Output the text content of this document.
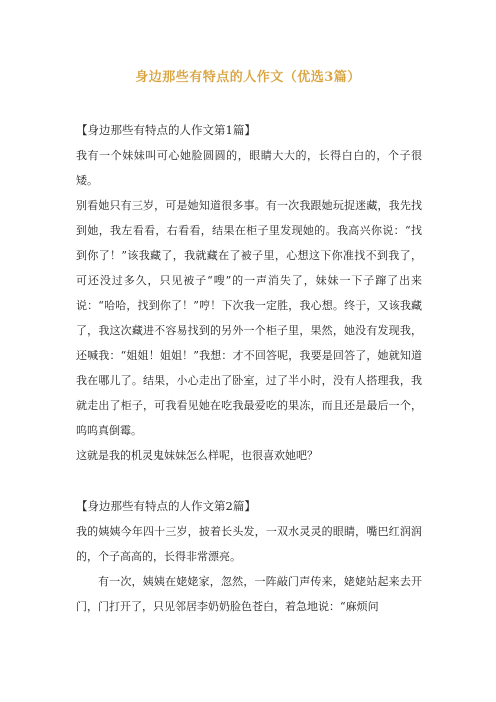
身边那些有特点的人作文（优选3篇）

【身边那些有特点的人作文第1篇】

我有一个妹妹叫可心她脸圆圆的，眼睛大大的，长得白白的，个子很矮。

别看她只有三岁，可是她知道很多事。有一次我跟她玩捉迷藏，我先找到她，我左看看，右看看，结果在柜子里发现她的。我高兴你说：“找到你了！”该我藏了，我就藏在了被子里，心想这下你准找不到我了，可还没过多久，只见被子“嗖”的一声消失了，妹妹一下子蹿了出来说：“哈哈，找到你了！”哼！下次我一定胜，我心想。终于，又该我藏了，我这次藏进不容易找到的另外一个柜子里，果然，她没有发现我，还喊我：“姐姐！姐姐！”我想：才不回答呢，我要是回答了，她就知道我在哪儿了。结果，小心走出了卧室，过了半小时，没有人搭理我，我就走出了柜子，可我看见她在吃我最爱吃的果冻，而且还是最后一个，呜呜真倒霉。

这就是我的机灵鬼妹妹怎么样呢，也很喜欢她吧？

【身边那些有特点的人作文第2篇】

我的姨姨今年四十三岁，披着长头发，一双水灵灵的眼睛，嘴巴红润润的，个子高高的，长得非常漂亮。

有一次，姨姨在姥姥家，忽然，一阵敲门声传来，姥姥站起来去开门，门打开了，只见邻居李奶奶脸色苍白，着急地说：“麻烦问
